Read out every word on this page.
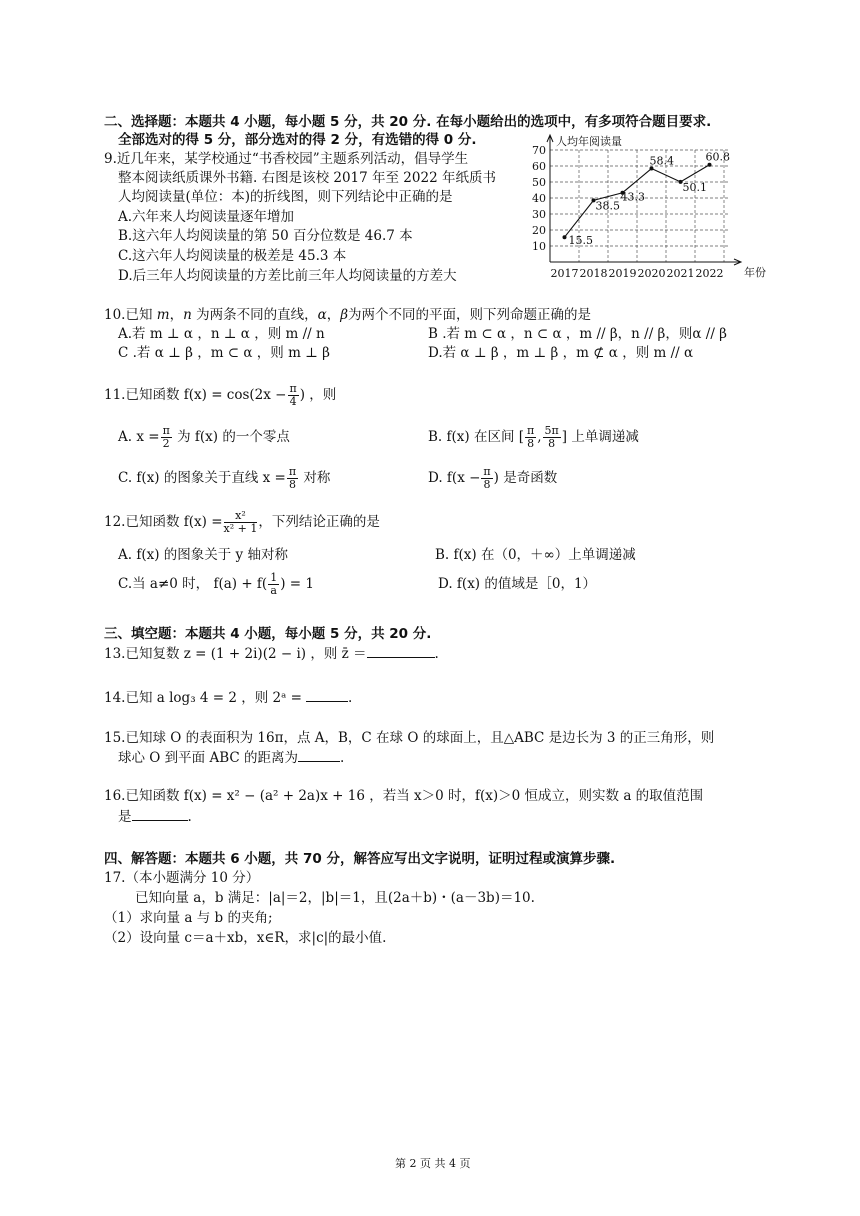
二、选择题：本题共 4 小题，每小题 5 分，共 20 分. 在每小题给出的选项中，有多项符合题目要求.
全部选对的得 5 分，部分选对的得 2 分，有选错的得 0 分.
9.近几年来，某学校通过“书香校园”主题系列活动，倡导学生
整本阅读纸质课外书籍. 右图是该校 2017 年至 2022 年纸质书
人均阅读量(单位：本)的折线图，则下列结论中正确的是
A.六年来人均阅读量逐年增加
B.这六年人均阅读量的第 50 百分位数是 46.7 本
C.这六年人均阅读量的极差是 45.3 本
D.后三年人均阅读量的方差比前三年人均阅读量的方差大
10
20
30
40
50
60
70
人均年阅读量
年份
2017 2018 2019 2020 2021 2022
15.5
38.5
43.3
58.4
50.1
60.8
10.已知 m，n 为两条不同的直线，α，β为两个不同的平面，则下列命题正确的是
A.若 m ⊥ α ，n ⊥ α ，则 m // n	B .若 m ⊂ α ，n ⊂ α ，m // β，n // β，则α // β
C .若 α ⊥ β ，m ⊂ α ，则 m ⊥ β	D.若 α ⊥ β ，m ⊥ β ，m ⊄ α ，则 m // α
11.已知函数 $f(x) = \cos(2x - \frac{\pi}{4}$ ) ，则
A. $x = \frac{\pi}{2}$ 为 f(x) 的一个零点	B. f(x) 在区间 [ $\frac{\pi}{8}$ , $\frac{5\pi}{8}$ ] 上单调递减
C. f(x) 的图象关于直线 $x = \frac{\pi}{8}$ 对称	D. $f(x - \frac{\pi}{8}$ ) 是奇函数
12.已知函数 $f(x) = \frac{\text{x²}}{\text{x² + 1}}$ ，下列结论正确的是
A. f(x) 的图象关于 y 轴对称	B. f(x) 在（0，＋∞）上单调递减
C.当 a≠0 时， $f(a) + f( \frac{1}{a}$ ) = 1	D. f(x) 的值域是［0，1）
三、填空题：本题共 4 小题，每小题 5 分，共 20 分.
13.已知复数 z = (1 + 2i)(2 − i) ，则 z̄ ＝	.
14.已知 a log₃ 4 = 2 ，则 2ᵃ =	.
15.已知球 O 的表面积为 16π，点 A，B，C 在球 O 的球面上，且△ABC 是边长为 3 的正三角形，则
球心 O 到平面 ABC 的距离为	.
16.已知函数 f(x) = x² − (a² + 2a)x + 16 ，若当 x＞0 时，f(x)＞0 恒成立，则实数 a 的取值范围
是	.
四、解答题：本题共 6 小题，共 70 分，解答应写出文字说明，证明过程或演算步骤.
17.（本小题满分 10 分）
已知向量 a，b 满足：|a|＝2，|b|＝1，且(2a＋b)・(a－3b)＝10.
（1）求向量 a 与 b 的夹角;
（2）设向量 c＝a＋xb，x∈R，求|c|的最小值.
第 2 页 共 4 页
